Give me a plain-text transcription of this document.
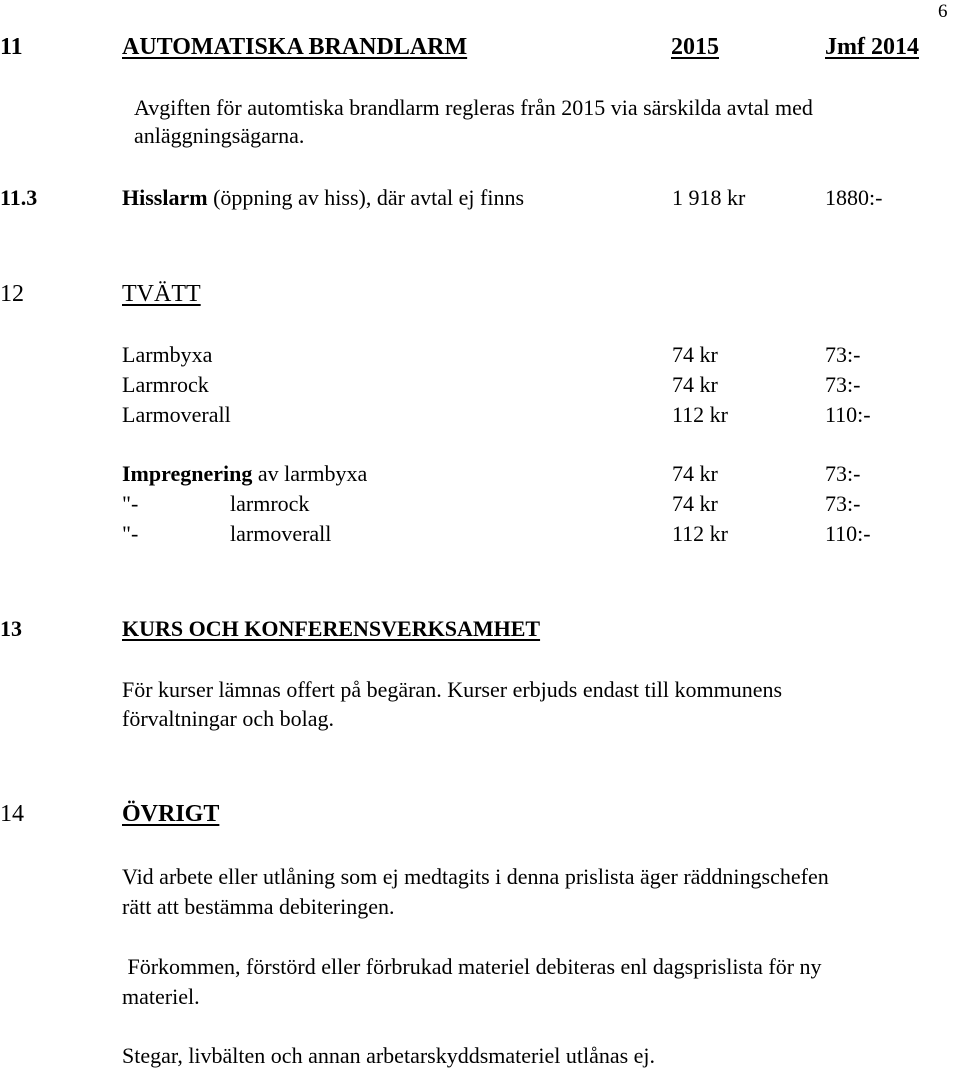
6
11	AUTOMATISKA BRANDLARM	2015	Jmf 2014
Avgiften för automtiska brandlarm regleras från 2015 via särskilda avtal med
anläggningsägarna.
11.3	Hisslarm (öppning av hiss), där avtal ej finns	1 918 kr	1880:-
12	TVÄTT
Larmbyxa	74 kr	73:-
Larmrock	74 kr	73:-
Larmoverall	112 kr	110:-
Impregnering av larmbyxa	74 kr	73:-
"-	larmrock	74 kr	73:-
"-	larmoverall	112 kr	110:-
13	KURS OCH KONFERENSVERKSAMHET
För kurser lämnas offert på begäran. Kurser erbjuds endast till kommunens
förvaltningar och bolag.
14	ÖVRIGT
Vid arbete eller utlåning som ej medtagits i denna prislista äger räddningschefen
rätt att bestämma debiteringen.
Förkommen, förstörd eller förbrukad materiel debiteras enl dagsprislista för ny
materiel.
Stegar, livbälten och annan arbetarskyddsmateriel utlånas ej.
